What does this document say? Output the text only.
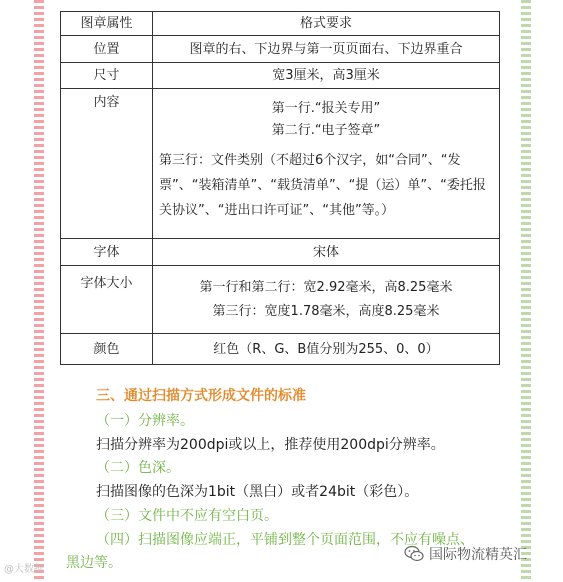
图章属性	格式要求
位置	图章的右、下边界与第一页页面右、下边界重合
尺寸	宽3厘米，高3厘米
内容	第一行.“报关专用”
第二行.“电子签章”
第三行：文件类别（不超过6个汉字，如“合同”、“发票”、“装箱清单”、“载货清单”、“提（运）单”、“委托报关协议”、“进出口许可证”、“其他”等。）

字体	宋体
字体大小	第一行和第二行：宽2.92毫米，高8.25毫米
第三行：宽度1.78毫米，高度8.25毫米

颜色	红色（R、G、B值分别为255、0、0）
三、通过扫描方式形成文件的标准
（一）分辨率。
扫描分辨率为200dpi或以上，推荐使用200dpi分辨率。
（二）色深。
扫描图像的色深为1bit（黑白）或者24bit（彩色）。
（三）文件中不应有空白页。
（四）扫描图像应端正，平铺到整个页面范围，不应有噪点、
黑边等。
@大数据
国际物流精英汇
